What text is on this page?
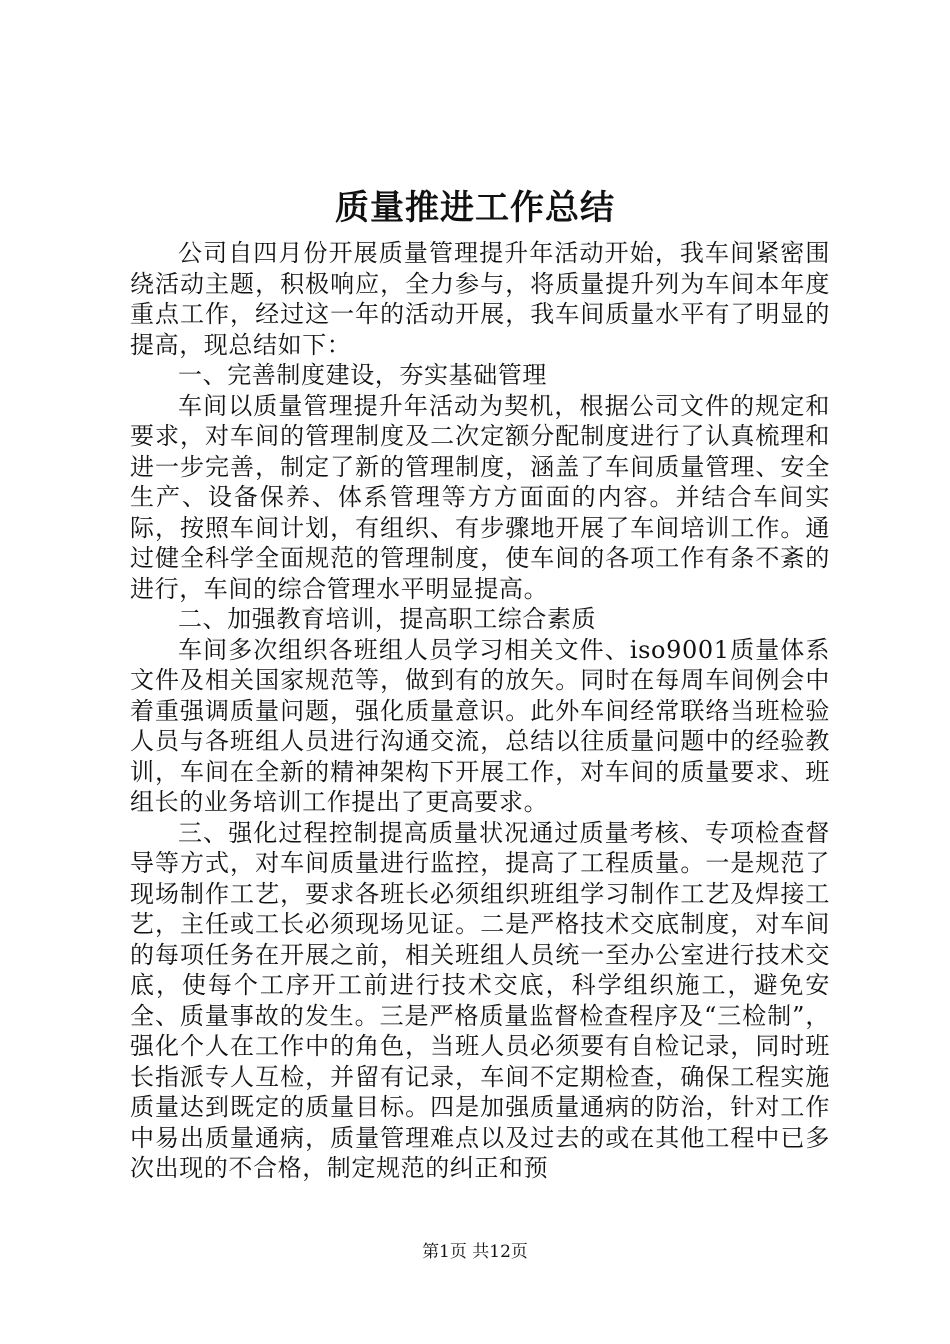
质量推进工作总结

公司自四月份开展质量管理提升年活动开始，我车间紧密围绕活动主题，积极响应，全力参与，将质量提升列为车间本年度重点工作，经过这一年的活动开展，我车间质量水平有了明显的提高，现总结如下：

一、完善制度建设，夯实基础管理

车间以质量管理提升年活动为契机，根据公司文件的规定和要求，对车间的管理制度及二次定额分配制度进行了认真梳理和进一步完善，制定了新的管理制度，涵盖了车间质量管理、安全生产、设备保养、体系管理等方方面面的内容。并结合车间实际，按照车间计划，有组织、有步骤地开展了车间培训工作。通过健全科学全面规范的管理制度，使车间的各项工作有条不紊的进行，车间的综合管理水平明显提高。

二、加强教育培训，提高职工综合素质

车间多次组织各班组人员学习相关文件、iso9001质量体系文件及相关国家规范等，做到有的放矢。同时在每周车间例会中着重强调质量问题，强化质量意识。此外车间经常联络当班检验人员与各班组人员进行沟通交流，总结以往质量问题中的经验教训，车间在全新的精神架构下开展工作，对车间的质量要求、班组长的业务培训工作提出了更高要求。

三、强化过程控制提高质量状况通过质量考核、专项检查督导等方式，对车间质量进行监控，提高了工程质量。一是规范了现场制作工艺，要求各班长必须组织班组学习制作工艺及焊接工艺，主任或工长必须现场见证。二是严格技术交底制度，对车间的每项任务在开展之前，相关班组人员统一至办公室进行技术交底，使每个工序开工前进行技术交底，科学组织施工，避免安全、质量事故的发生。三是严格质量监督检查程序及“三检制”，强化个人在工作中的角色，当班人员必须要有自检记录，同时班长指派专人互检，并留有记录，车间不定期检查，确保工程实施质量达到既定的质量目标。四是加强质量通病的防治，针对工作中易出质量通病，质量管理难点以及过去的或在其他工程中已多次出现的不合格，制定规范的纠正和预

第1页 共12页
